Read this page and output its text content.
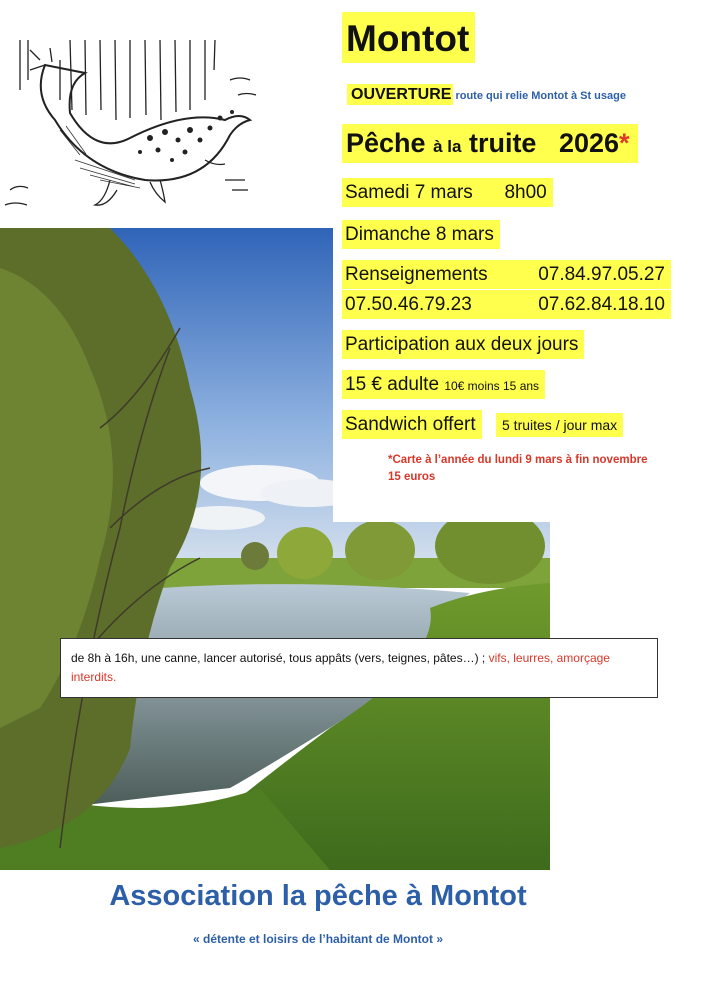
Montot
OUVERTURE route qui relie Montot à St usage
Pêche à la truite 2026*
Samedi 7 mars 8h00
Dimanche 8 mars
Renseignements	07.84.97.05.27
07.50.46.79.23	07.62.84.18.10
Participation aux deux jours
15 € adulte 10€ moins 15 ans
Sandwich offert	5 truites / jour max
*Carte à l’année du lundi 9 mars à fin novembre
15 euros
de 8h à 16h, une canne, lancer autorisé, tous appâts (vers, teignes, pâtes…) ; vifs, leurres, amorçage interdits.
Association la pêche à Montot
« détente et loisirs de l’habitant de Montot »
